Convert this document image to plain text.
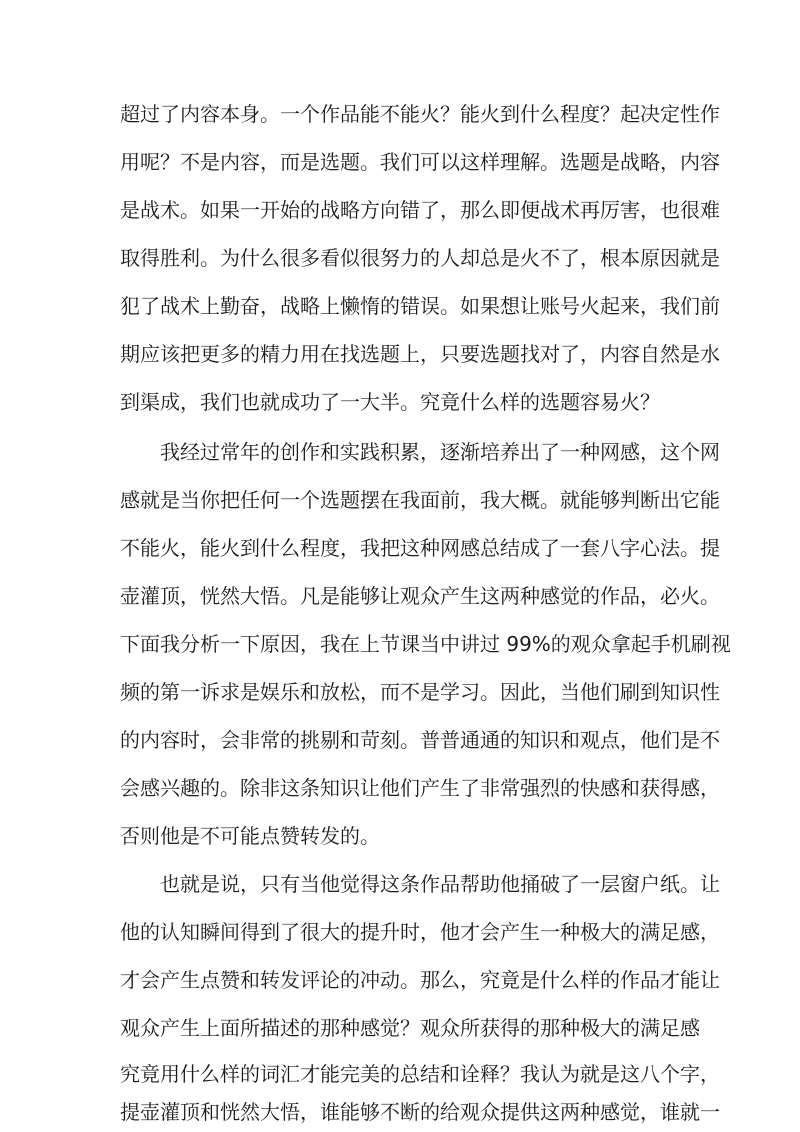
超过了内容本身。一个作品能不能火？能火到什么程度？起决定性作
用呢？不是内容，而是选题。我们可以这样理解。选题是战略，内容
是战术。如果一开始的战略方向错了，那么即便战术再厉害，也很难
取得胜利。为什么很多看似很努力的人却总是火不了，根本原因就是
犯了战术上勤奋，战略上懒惰的错误。如果想让账号火起来，我们前
期应该把更多的精力用在找选题上，只要选题找对了，内容自然是水
到渠成，我们也就成功了一大半。究竟什么样的选题容易火？
我经过常年的创作和实践积累，逐渐培养出了一种网感，这个网
感就是当你把任何一个选题摆在我面前，我大概。就能够判断出它能
不能火，能火到什么程度，我把这种网感总结成了一套八字心法。提
壶灌顶，恍然大悟。凡是能够让观众产生这两种感觉的作品，必火。
下面我分析一下原因，我在上节课当中讲过 99%的观众拿起手机刷视
频的第一诉求是娱乐和放松，而不是学习。因此，当他们刷到知识性
的内容时，会非常的挑剔和苛刻。普普通通的知识和观点，他们是不
会感兴趣的。除非这条知识让他们产生了非常强烈的快感和获得感，
否则他是不可能点赞转发的。
也就是说，只有当他觉得这条作品帮助他捅破了一层窗户纸。让
他的认知瞬间得到了很大的提升时，他才会产生一种极大的满足感，
才会产生点赞和转发评论的冲动。那么，究竟是什么样的作品才能让
观众产生上面所描述的那种感觉？观众所获得的那种极大的满足感
究竟用什么样的词汇才能完美的总结和诠释？我认为就是这八个字，
提壶灌顶和恍然大悟，谁能够不断的给观众提供这两种感觉，谁就一
